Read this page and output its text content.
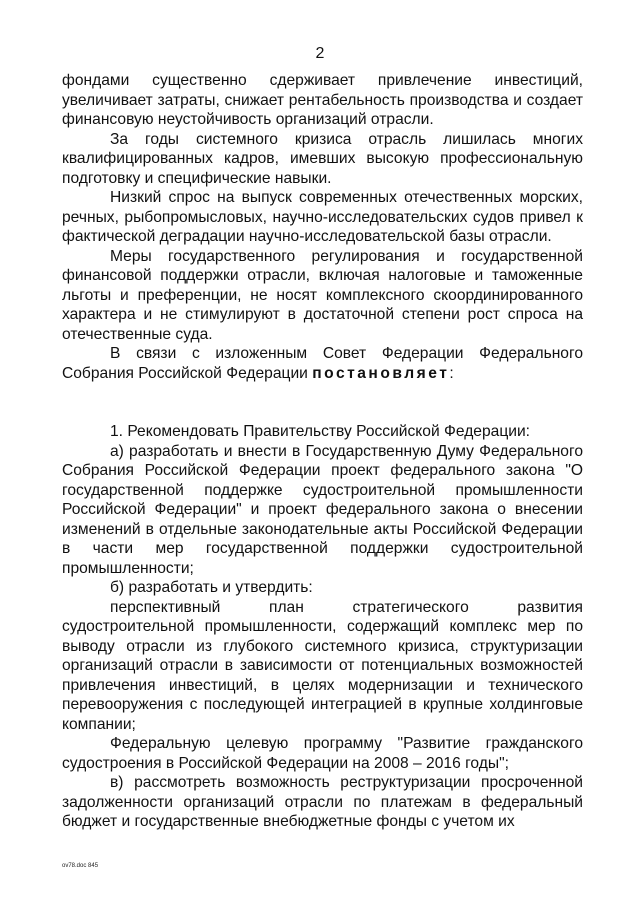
2

фондами существенно сдерживает привлечение инвестиций, увеличивает затраты, снижает рентабельность производства и создает финансовую неустойчивость организаций отрасли.

За годы системного кризиса отрасль лишилась многих квалифицированных кадров, имевших высокую профессиональную подготовку и специфические навыки.

Низкий спрос на выпуск современных отечественных морских, речных, рыбопромысловых, научно-исследовательских судов привел к фактической деградации научно-исследовательской базы отрасли.

Меры государственного регулирования и государственной финансовой поддержки отрасли, включая налоговые и таможенные льготы и преференции, не носят комплексного скоординированного характера и не стимулируют в достаточной степени рост спроса на отечественные суда.

В связи с изложенным Совет Федерации Федерального Собрания Российской Федерации постановляет:

1. Рекомендовать Правительству Российской Федерации:

а) разработать и внести в Государственную Думу Федерального Собрания Российской Федерации проект федерального закона "О государственной поддержке судостроительной промышленности Российской Федерации" и проект федерального закона о внесении изменений в отдельные законодательные акты Российской Федерации в части мер государственной поддержки судостроительной промышленности;

б) разработать и утвердить:

перспективный план стратегического развития судостроительной промышленности, содержащий комплекс мер по выводу отрасли из глубокого системного кризиса, структуризации организаций отрасли в зависимости от потенциальных возможностей привлечения инвестиций, в целях модернизации и технического перевооружения с последующей интеграцией в крупные холдинговые компании;

Федеральную целевую программу "Развитие гражданского судостроения в Российской Федерации на 2008 – 2016 годы";

в) рассмотреть возможность реструктуризации просроченной задолженности организаций отрасли по платежам в федеральный бюджет и государственные внебюджетные фонды с учетом их

ov78.doc 845
